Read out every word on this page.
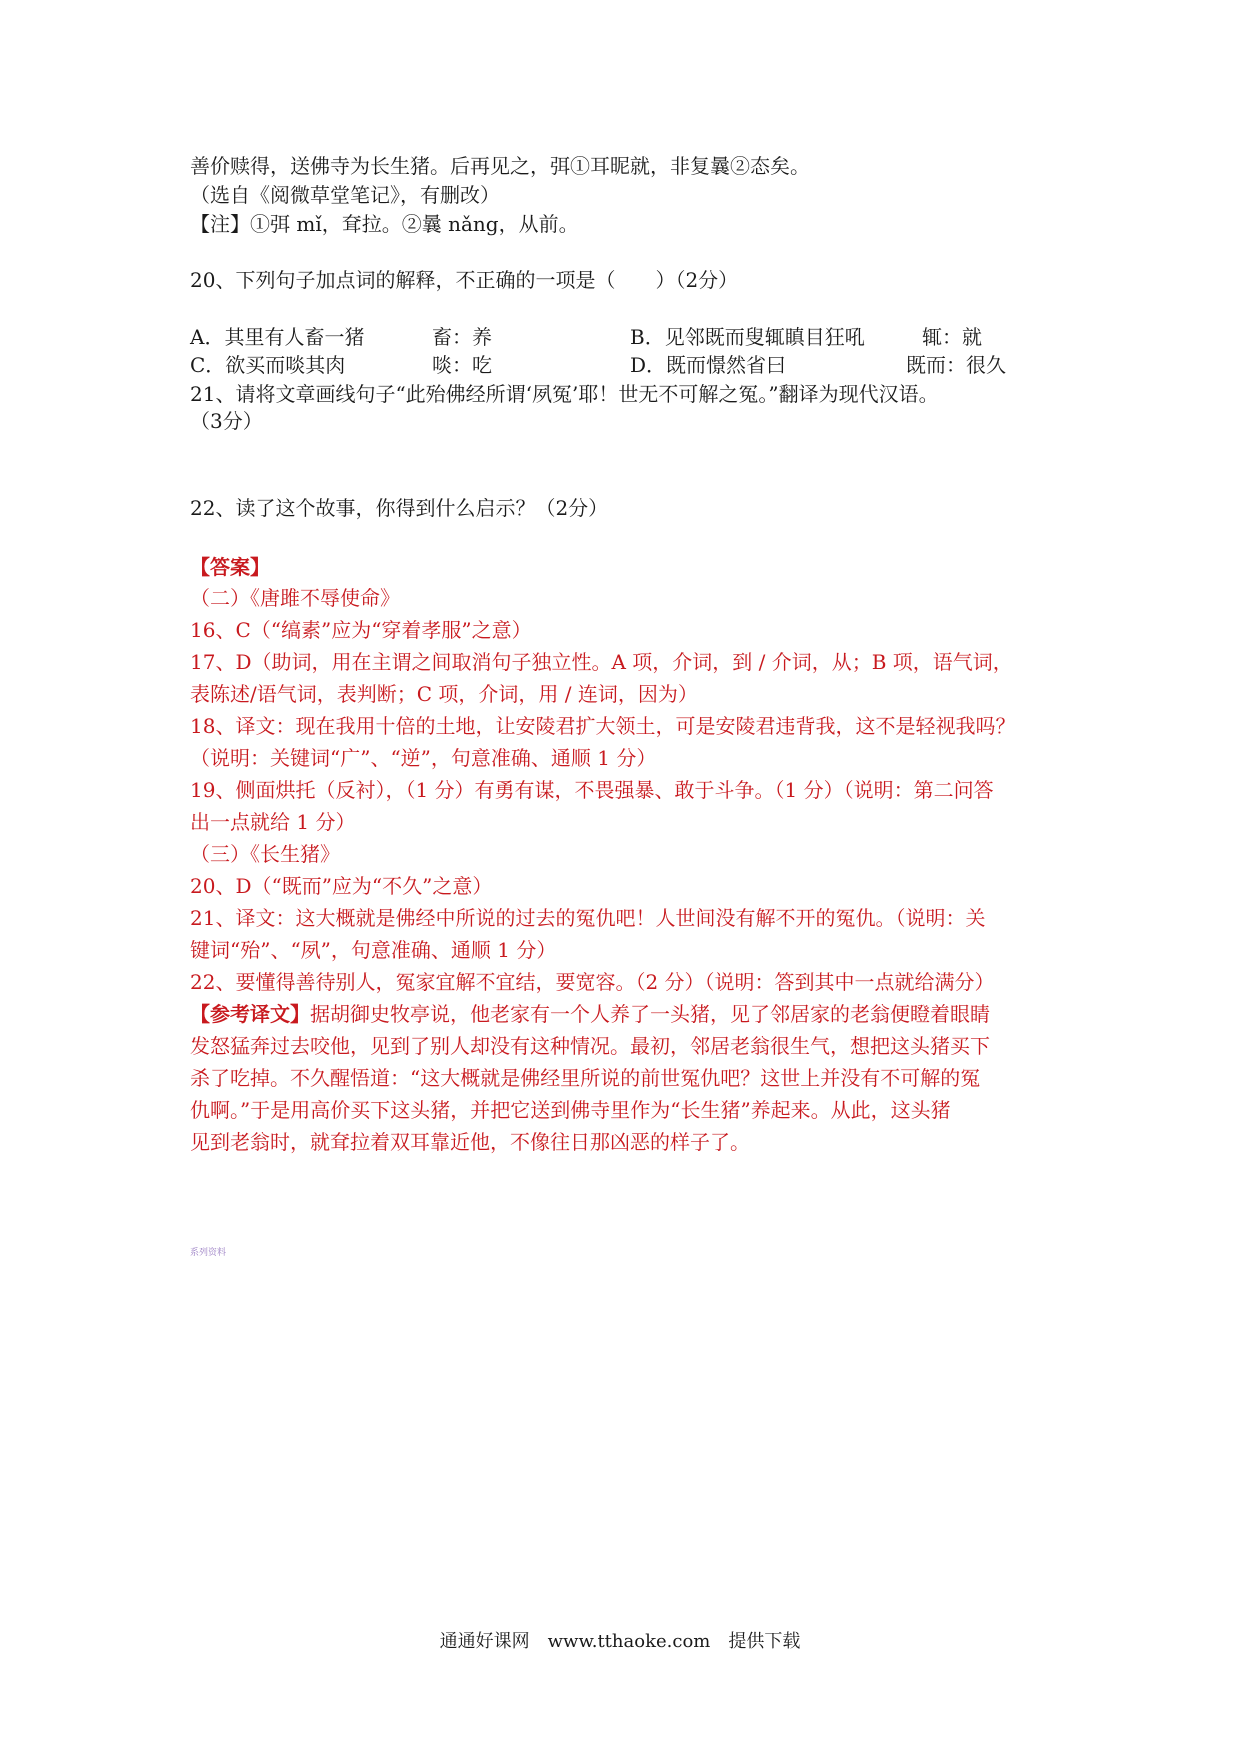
善价赎得，送佛寺为长生猪。后再见之，弭①耳昵就，非复曩②态矣。
（选自《阅微草堂笔记》，有删改）
【注】①弭 mǐ，耷拉。②曩 nǎng，从前。
20、下列句子加点词的解释，不正确的一项是（　　）（2分）
A．其里有人畜一猪	畜：养	B．见邻既而叟辄瞋目狂吼	辄：就
C．欲买而啖其肉	啖：吃	D．既而憬然省曰	既而：很久
21、请将文章画线句子“此殆佛经所谓‘夙冤’耶！世无不可解之冤。”翻译为现代汉语。
（3分）
22、读了这个故事，你得到什么启示？（2分）
【答案】
（二）《唐雎不辱使命》
16、C（“缟素”应为“穿着孝服”之意）
17、D（助词，用在主谓之间取消句子独立性。A 项，介词，到 / 介词，从；B 项，语气词，
表陈述/语气词，表判断；C 项，介词，用 / 连词，因为）
18、译文：现在我用十倍的土地，让安陵君扩大领土，可是安陵君违背我，这不是轻视我吗？
（说明：关键词“广”、“逆”，句意准确、通顺 1 分）
19、侧面烘托（反衬），（1 分）有勇有谋，不畏强暴、敢于斗争。（1 分）（说明：第二问答
出一点就给 1 分）
（三）《长生猪》
20、D（“既而”应为“不久”之意）
21、译文：这大概就是佛经中所说的过去的冤仇吧！人世间没有解不开的冤仇。（说明：关
键词“殆”、“夙”，句意准确、通顺 1 分）
22、要懂得善待别人，冤家宜解不宜结，要宽容。（2 分）（说明：答到其中一点就给满分）
【参考译文】据胡御史牧亭说，他老家有一个人养了一头猪，见了邻居家的老翁便瞪着眼睛
发怒猛奔过去咬他，见到了别人却没有这种情况。最初，邻居老翁很生气，想把这头猪买下
杀了吃掉。不久醒悟道：“这大概就是佛经里所说的前世冤仇吧？这世上并没有不可解的冤
仇啊。”于是用高价买下这头猪，并把它送到佛寺里作为“长生猪”养起来。从此，这头猪
见到老翁时，就耷拉着双耳靠近他，不像往日那凶恶的样子了。
系列资料
通通好课网　www.tthaoke.com　提供下载
